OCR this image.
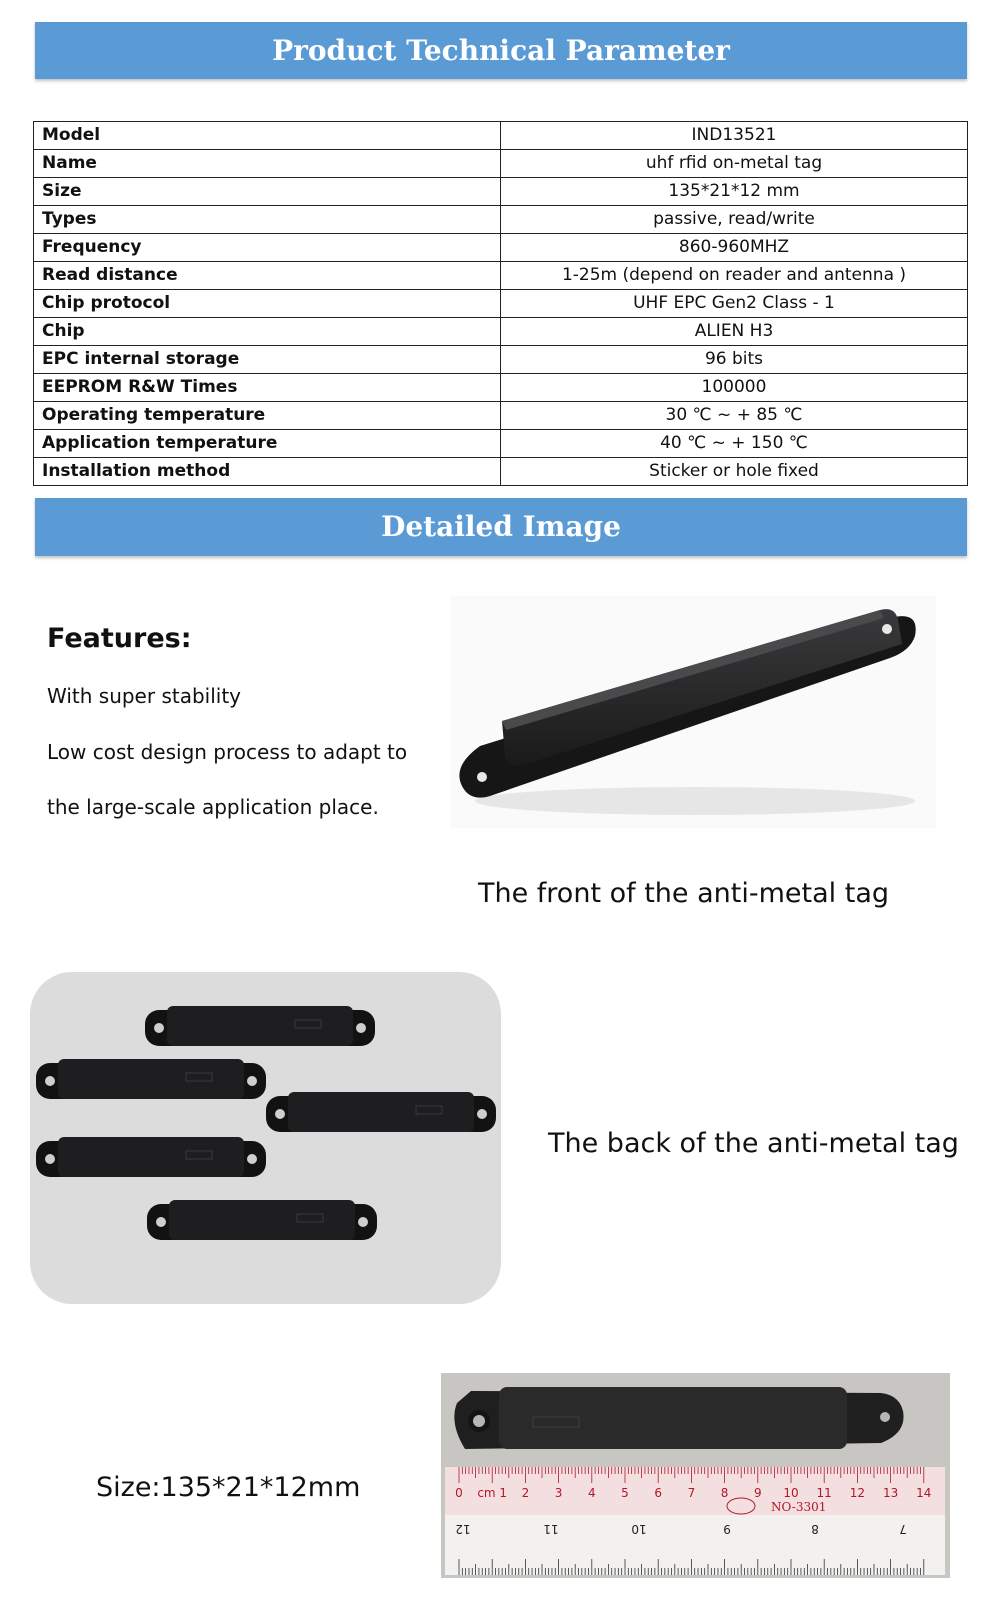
Product Technical Parameter
Model	IND13521
Name	uhf rfid on-metal tag
Size	135*21*12 mm
Types	passive, read/write
Frequency	860-960MHZ
Read distance	1-25m (depend on reader and antenna )
Chip protocol	UHF EPC Gen2 Class - 1
Chip	ALIEN H3
EPC internal storage	96 bits
EEPROM R&W Times	100000
Operating temperature	30 ℃ ~ + 85 ℃
Application temperature	40 ℃ ~ + 150 ℃
Installation method	Sticker or hole fixed
Detailed Image
Features:
With super stability
Low cost design process to adapt to
the large-scale application place.
The front of the anti-metal tag
The back of the anti-metal tag
Size:135*21*12mm	0 cm 1 2 3 4 5 6 7 8 9 10 11 12 13 14
12	11	10	9	8	7
NO-3301
